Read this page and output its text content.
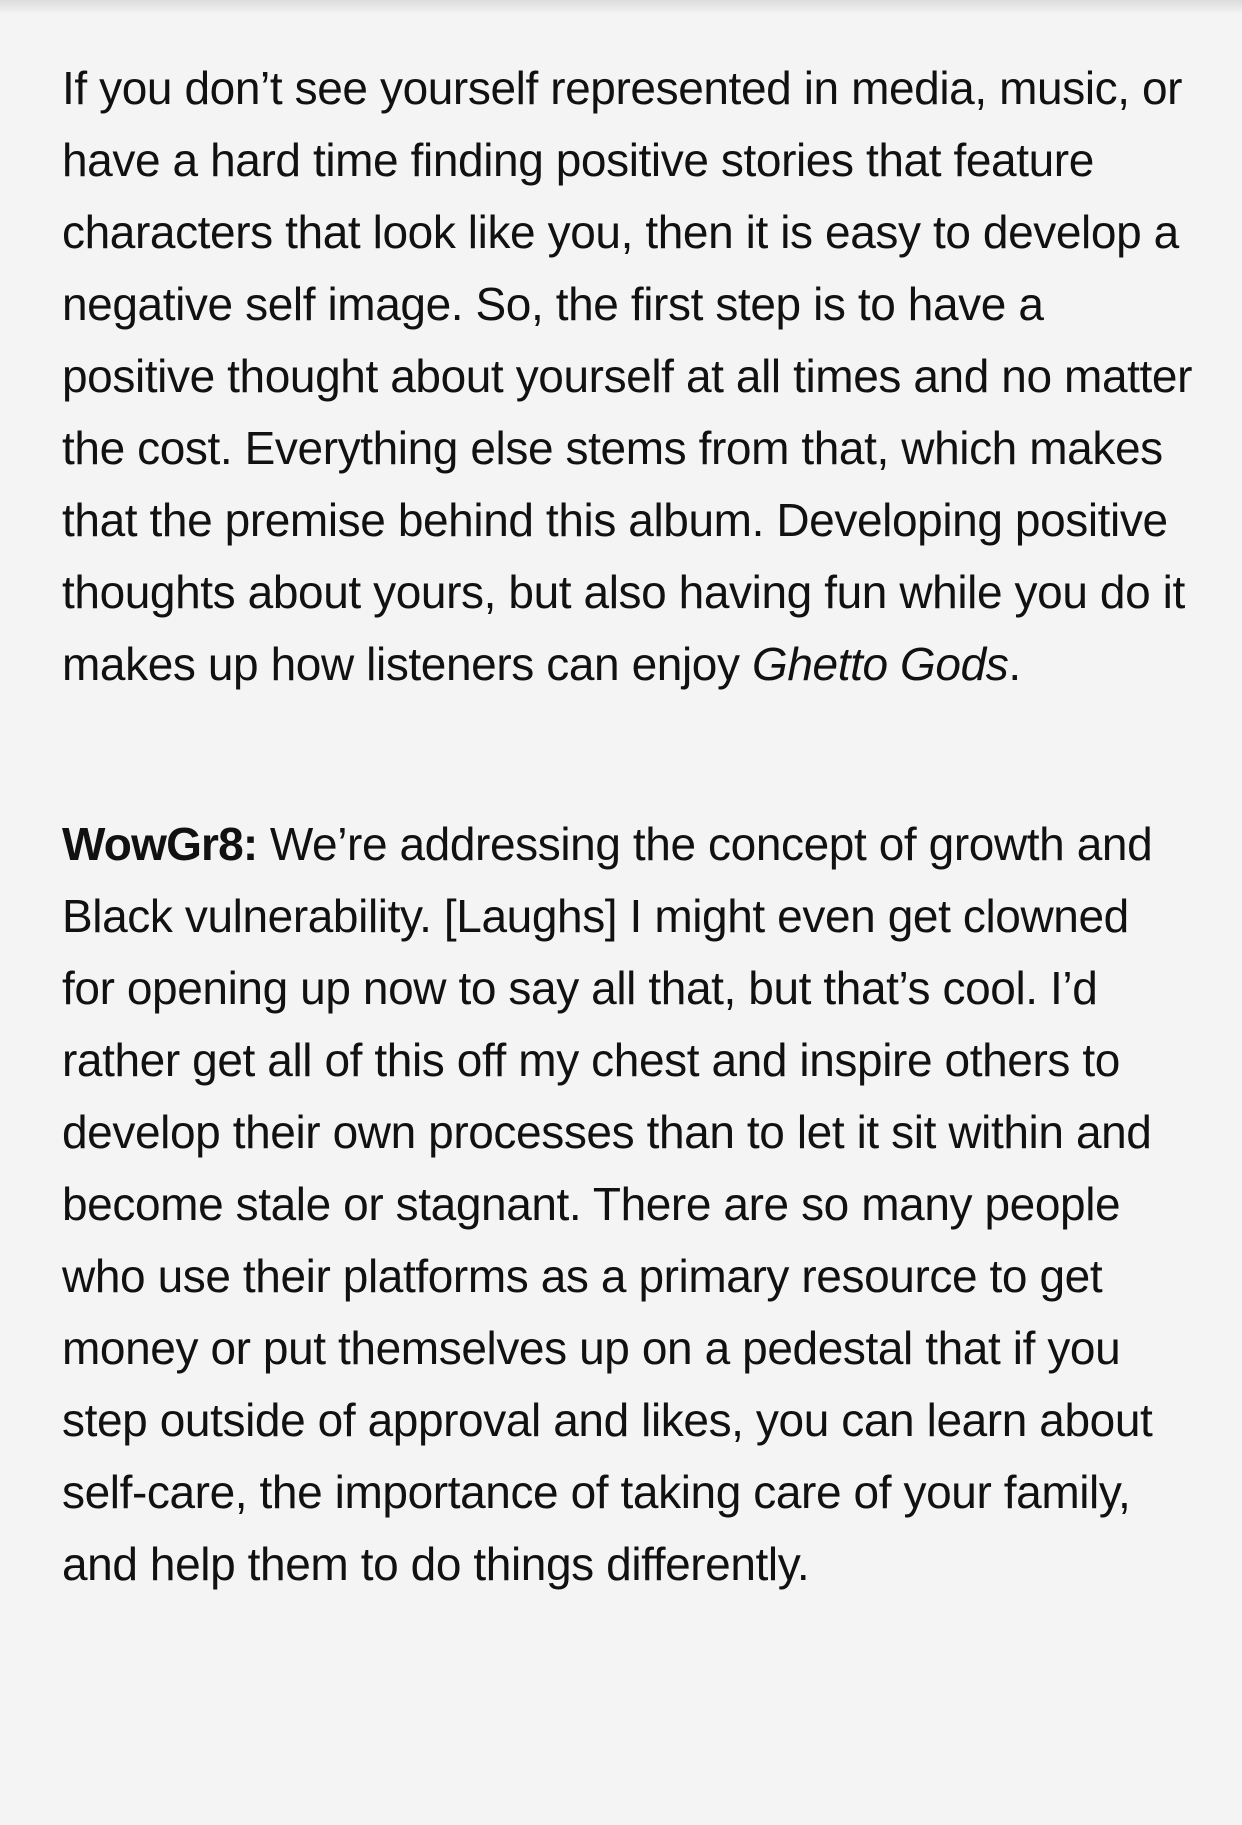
If you don’t see yourself represented in media, music, or have a hard time finding positive stories that feature characters that look like you, then it is easy to develop a negative self image. So, the first step is to have a positive thought about yourself at all times and no matter the cost. Everything else stems from that, which makes that the premise behind this album. Developing positive thoughts about yours, but also having fun while you do it makes up how listeners can enjoy Ghetto Gods.

WowGr8: We’re addressing the concept of growth and Black vulnerability. [Laughs] I might even get clowned for opening up now to say all that, but that’s cool. I’d rather get all of this off my chest and inspire others to develop their own processes than to let it sit within and become stale or stagnant. There are so many people who use their platforms as a primary resource to get money or put themselves up on a pedestal that if you step outside of approval and likes, you can learn about self-care, the importance of taking care of your family, and help them to do things differently.
